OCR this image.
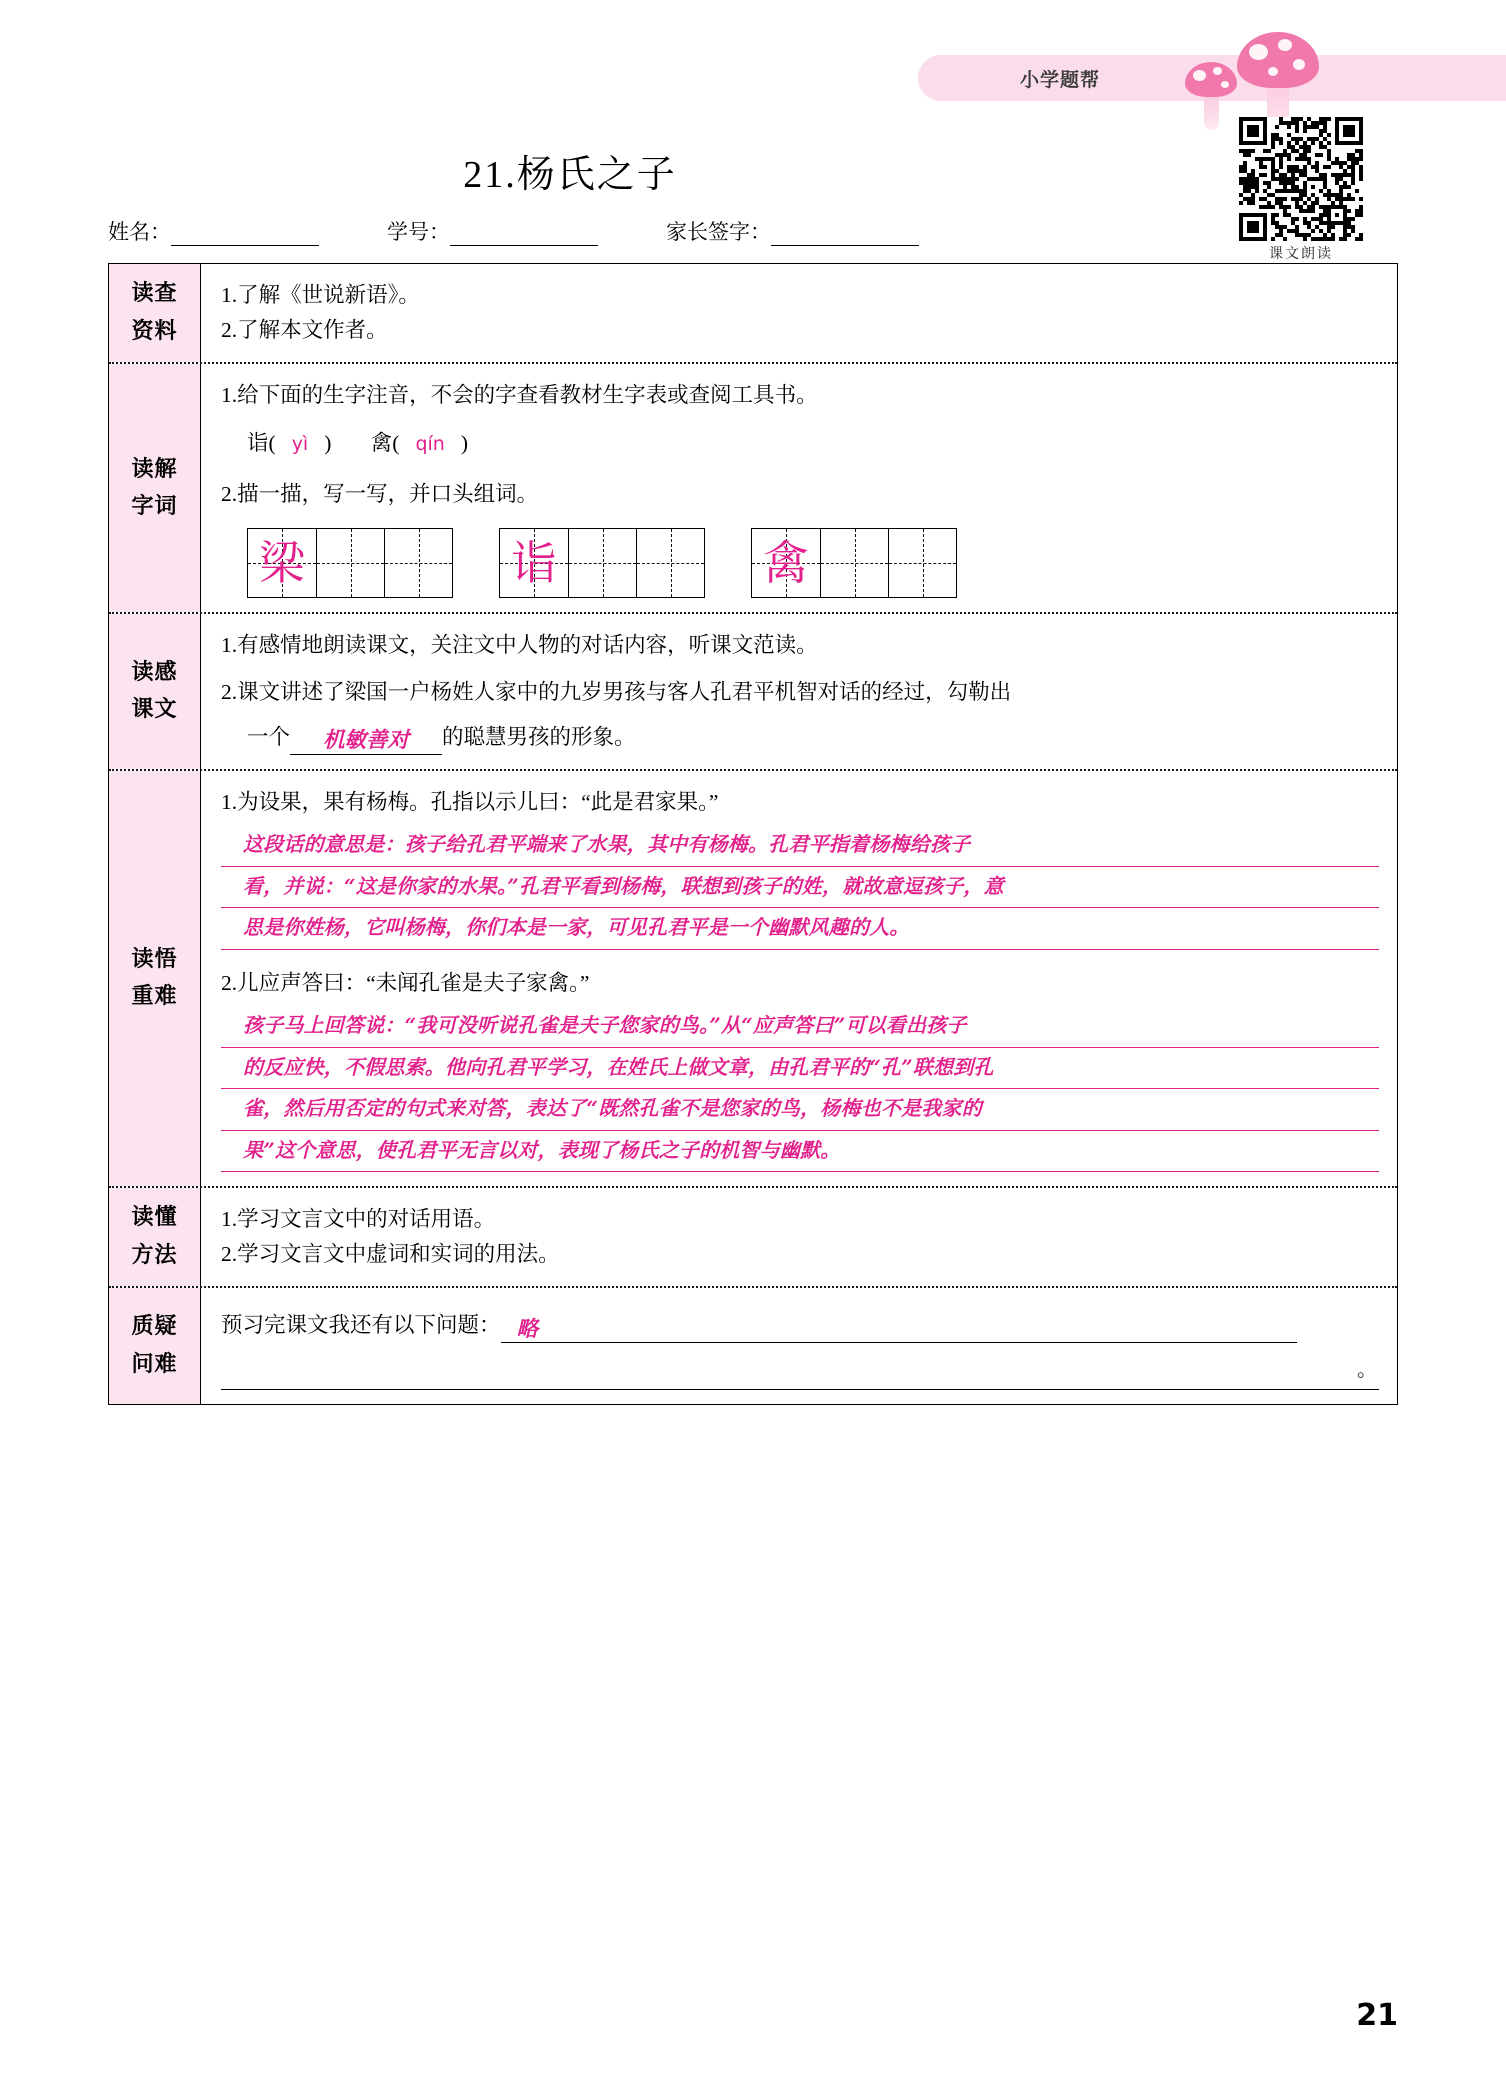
小学题帮
课文朗读
21.杨氏之子
姓名：	学号：	家长签字：
读查
资料
1.了解《世说新语》。
2.了解本文作者。
读解
字词
1.给下面的生字注音，不会的字查看教材生字表或查阅工具书。
诣( yì ) 禽( qín )
2.描一描，写一写，并口头组词。
梁	诣	禽
读感
课文
1.有感情地朗读课文，关注文中人物的对话内容，听课文范读。
2.课文讲述了梁国一户杨姓人家中的九岁男孩与客人孔君平机智对话的经过，勾勒出
一个 机敏善对 的聪慧男孩的形象。
读悟
重难
1.为设果，果有杨梅。孔指以示儿曰：“此是君家果。”
这段话的意思是：孩子给孔君平端来了水果，其中有杨梅。孔君平指着杨梅给孩子
看，并说：“这是你家的水果。”孔君平看到杨梅，联想到孩子的姓，就故意逗孩子，意
思是你姓杨，它叫杨梅，你们本是一家，可见孔君平是一个幽默风趣的人。
2.儿应声答曰：“未闻孔雀是夫子家禽。”
孩子马上回答说：“我可没听说孔雀是夫子您家的鸟。”从“应声答曰”可以看出孩子
的反应快，不假思索。他向孔君平学习，在姓氏上做文章，由孔君平的“孔”联想到孔
雀，然后用否定的句式来对答，表达了“既然孔雀不是您家的鸟，杨梅也不是我家的
果”这个意思，使孔君平无言以对，表现了杨氏之子的机智与幽默。
读懂
方法
1.学习文言文中的对话用语。
2.学习文言文中虚词和实词的用法。
质疑
问难
预习完课文我还有以下问题： 略
。
21
